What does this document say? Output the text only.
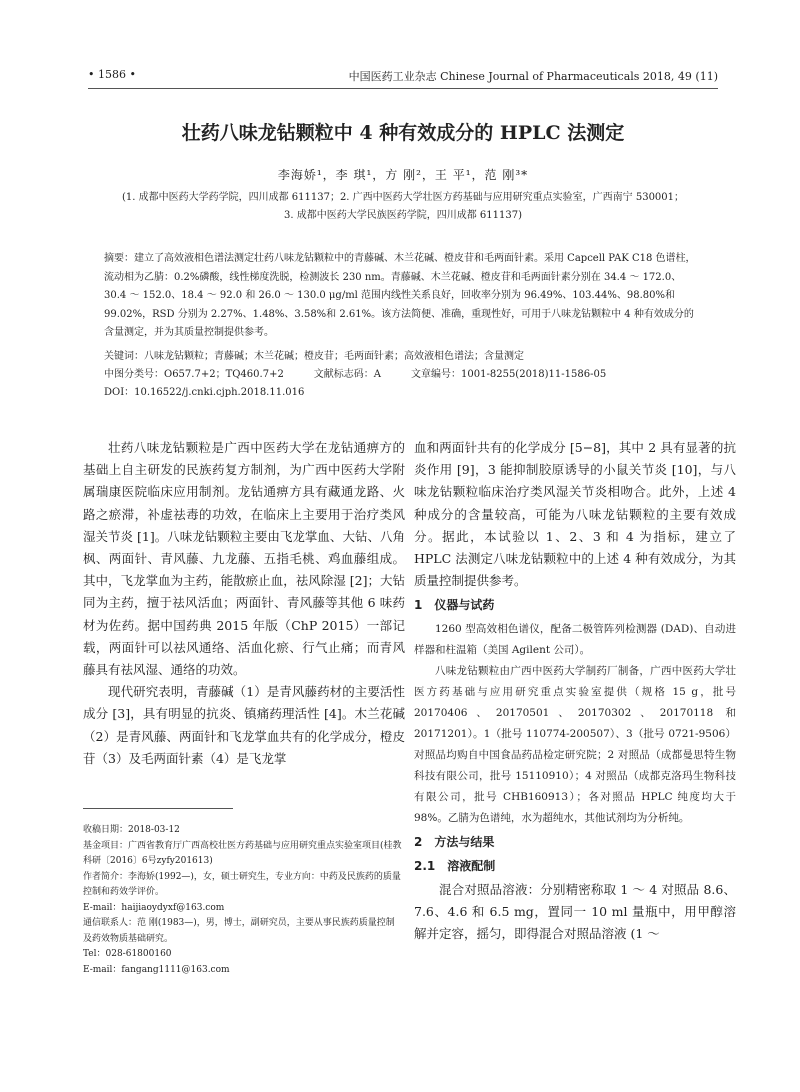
• 1586 •	中国医药工业杂志 Chinese Journal of Pharmaceuticals 2018, 49 (11)
壮药八味龙钻颗粒中 4 种有效成分的 HPLC 法测定
李海娇¹，李 琪¹，方 刚²，王 平¹，范 刚³*
(1. 成都中医药大学药学院，四川成都 611137；2. 广西中医药大学壮医方药基础与应用研究重点实验室，广西南宁 530001；
3. 成都中医药大学民族医药学院，四川成都 611137)

摘要：建立了高效液相色谱法测定壮药八味龙钻颗粒中的青藤碱、木兰花碱、橙皮苷和毛两面针素。采用 Capcell PAK C18 色谱柱，流动相为乙腈：0.2%磷酸，线性梯度洗脱，检测波长 230 nm。青藤碱、木兰花碱、橙皮苷和毛两面针素分别在 34.4 ～ 172.0、30.4 ～ 152.0、18.4 ～ 92.0 和 26.0 ～ 130.0 μg/ml 范围内线性关系良好，回收率分别为 96.49%、103.44%、98.80%和 99.02%，RSD 分别为 2.27%、1.48%、3.58%和 2.61%。该方法简便、准确，重现性好，可用于八味龙钻颗粒中 4 种有效成分的含量测定，并为其质量控制提供参考。

关键词：八味龙钻颗粒；青藤碱；木兰花碱；橙皮苷；毛两面针素；高效液相色谱法；含量测定
中图分类号：O657.7+2；TQ460.7+2　　　文献标志码：A　　　文章编号：1001-8255(2018)11-1586-05
DOI：10.16522/j.cnki.cjph.2018.11.016

壮药八味龙钻颗粒是广西中医药大学在龙钻通痹方的基础上自主研发的民族药复方制剂，为广西中医药大学附属瑞康医院临床应用制剂。龙钻通痹方具有藏通龙路、火路之瘀滞，补虚祛毒的功效，在临床上主要用于治疗类风湿关节炎 [1]。八味龙钻颗粒主要由飞龙掌血、大钻、八角枫、两面针、青风藤、九龙藤、五指毛桃、鸡血藤组成。其中，飞龙掌血为主药，能散瘀止血，祛风除湿 [2]；大钻同为主药，擅于祛风活血；两面针、青风藤等其他 6 味药材为佐药。据中国药典 2015 年版（ChP 2015）一部记载，两面针可以祛风通络、活血化瘀、行气止痛；而青风藤具有祛风湿、通络的功效。

现代研究表明，青藤碱（1）是青风藤药材的主要活性成分 [3]，具有明显的抗炎、镇痛药理活性 [4]。木兰花碱（2）是青风藤、两面针和飞龙掌血共有的化学成分，橙皮苷（3）及毛两面针素（4）是飞龙掌

收稿日期：2018-03-12

基金项目：广西省教育厅广西高校壮医方药基础与应用研究重点实验室项目(桂教科研〔2016〕6号zyfy201613)

作者简介：李海娇(1992—)，女，硕士研究生，专业方向：中药及民族药的质量控制和药效学评价。

E-mail：haijiaoydyxf@163.com

通信联系人：范 刚(1983—)，男，博士，副研究员，主要从事民族药质量控制及药效物质基础研究。

Tel：028-61800160

E-mail：fangang1111@163.com

血和两面针共有的化学成分 [5−8]，其中 2 具有显著的抗炎作用 [9]，3 能抑制胶原诱导的小鼠关节炎 [10]，与八味龙钻颗粒临床治疗类风湿关节炎相吻合。此外，上述 4 种成分的含量较高，可能为八味龙钻颗粒的主要有效成分。据此，本试验以 1、2、3 和 4 为指标，建立了 HPLC 法测定八味龙钻颗粒中的上述 4 种有效成分，为其质量控制提供参考。

1　仪器与试药

1260 型高效相色谱仪，配备二极管阵列检测器 (DAD)、自动进样器和柱温箱（美国 Agilent 公司）。

八味龙钻颗粒由广西中医药大学制药厂制备，广西中医药大学壮医方药基础与应用研究重点实验室提供（规格 15 g，批号 20170406、20170501、20170302、20170118 和 20171201）。1（批号 110774-200507）、3（批号 0721-9506）对照品均购自中国食品药品检定研究院；2 对照品（成都曼思特生物科技有限公司，批号 15110910）；4 对照品（成都克洛玛生物科技有限公司，批号 CHB160913）；各对照品 HPLC 纯度均大于 98%。乙腈为色谱纯，水为超纯水，其他试剂均为分析纯。

2　方法与结果
2.1　溶液配制

混合对照品溶液：分别精密称取 1 ～ 4 对照品 8.6、7.6、4.6 和 6.5 mg，置同一 10 ml 量瓶中，用甲醇溶解并定容，摇匀，即得混合对照品溶液 (1 ～
